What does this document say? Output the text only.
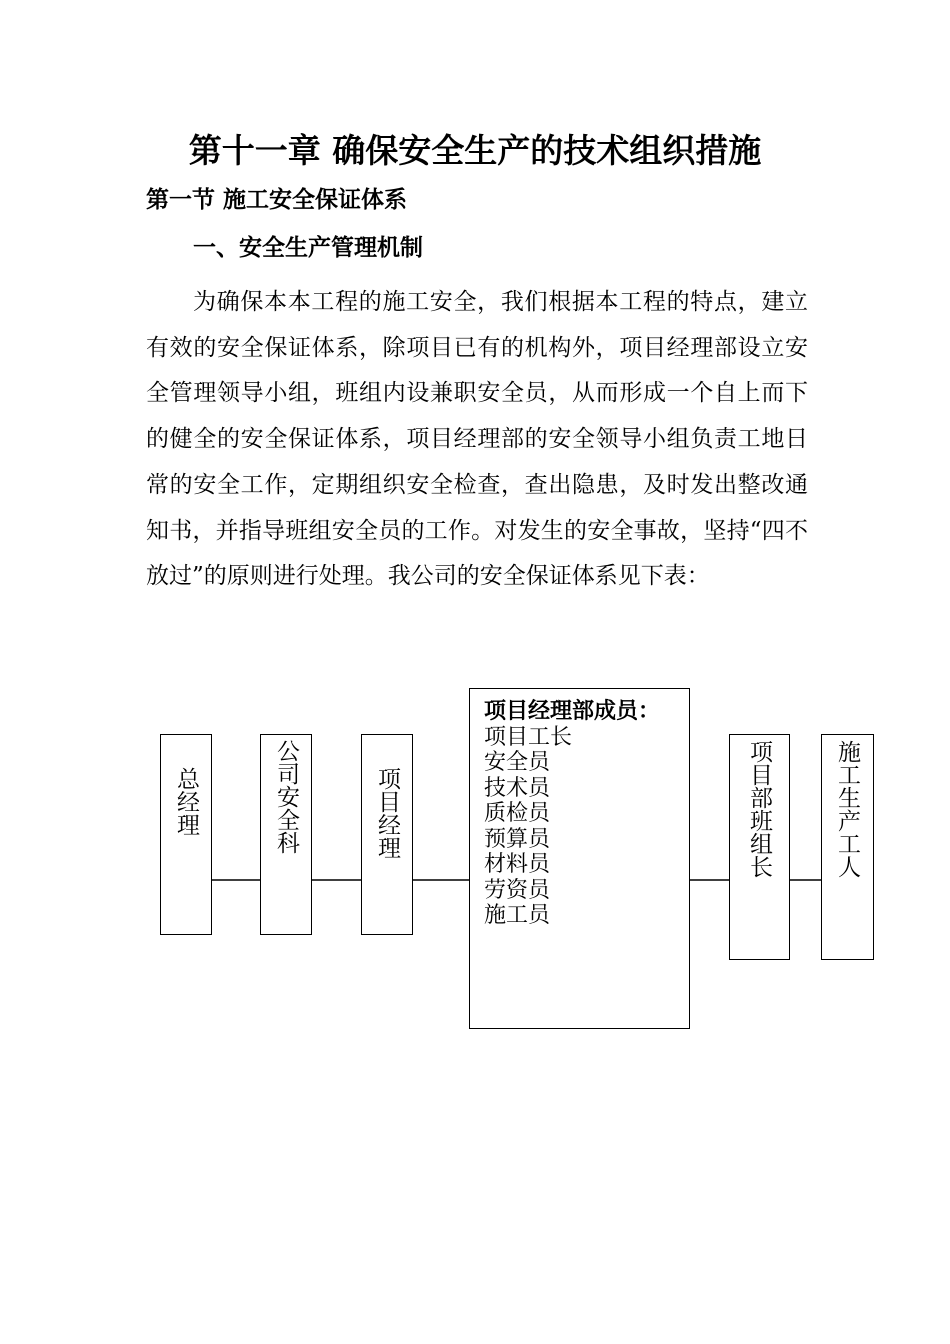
第十一章 确保安全生产的技术组织措施
第一节 施工安全保证体系
一、安全生产管理机制

为确保本本工程的施工安全，我们根据本工程的特点，建立有效的安全保证体系，除项目已有的机构外，项目经理部设立安全管理领导小组，班组内设兼职安全员，从而形成一个自上而下的健全的安全保证体系，项目经理部的安全领导小组负责工地日常的安全工作，定期组织安全检查，查出隐患，及时发出整改通知书，并指导班组安全员的工作。对发生的安全事故，坚持“四不放过”的原则进行处理。我公司的安全保证体系见下表：

总经理	公司安全科	项目经理
项目经理部成员：
项目工长
安全员
技术员
质检员
预算员
材料员
劳资员
施工员
项目部班组长	施工生产工人
